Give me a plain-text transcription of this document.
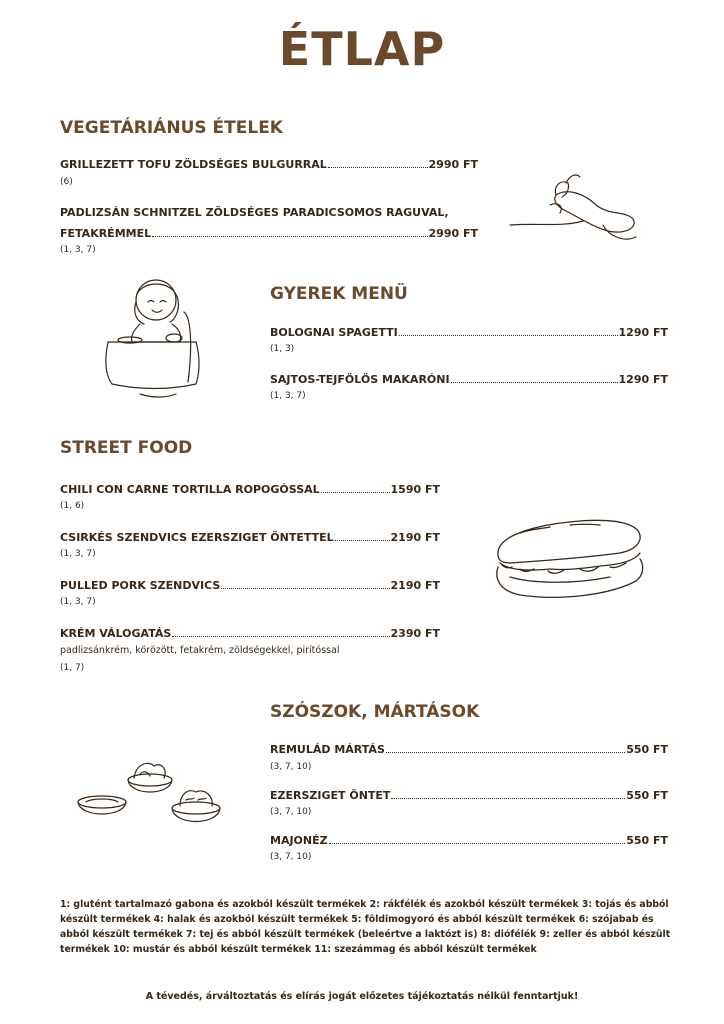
ÉTLAP
VEGETÁRIÁNUS ÉTELEK
GRILLEZETT TOFU ZÖLDSÉGES BULGURRAL	2990 FT
(6)
PADLIZSÁN SCHNITZEL ZÖLDSÉGES PARADICSOMOS RAGUVAL,
FETAKRÉMMEL	2990 FT
(1, 3, 7)
GYEREK MENÜ
BOLOGNAI SPAGETTI	1290 FT
(1, 3)
SAJTOS-TEJFÖLÖS MAKARÓNI	1290 FT
(1, 3, 7)
STREET FOOD
CHILI CON CARNE TORTILLA ROPOGÓSSAL	1590 FT
(1, 6)
CSIRKÉS SZENDVICS EZERSZIGET ÖNTETTEL	2190 FT
(1, 3, 7)
PULLED PORK SZENDVICS	2190 FT
(1, 3, 7)
KRÉM VÁLOGATÁS	2390 FT
padlizsánkrém, körözött, fetakrém, zöldségekkel, pirítóssal
(1, 7)
SZÓSZOK, MÁRTÁSOK
REMULÁD MÁRTÁS	550 FT
(3, 7, 10)
EZERSZIGET ÖNTET	550 FT
(3, 7, 10)
MAJONÉZ	550 FT
(3, 7, 10)
1: glutént tartalmazó gabona és azokból készült termékek 2: rákfélék és azokból készült termékek 3: tojás és abból készült termékek 4: halak és azokból készült termékek 5: földimogyoró és abból készült termékek 6: szójabab és abból készült termékek 7: tej és abból készült termékek (beleértve a laktózt is) 8: diófélék 9: zeller és abból készült termékek 10: mustár és abból készült termékek 11: szezámmag és abból készült termékek
A tévedés, árváltoztatás és elírás jogát előzetes tájékoztatás nélkül fenntartjuk!
